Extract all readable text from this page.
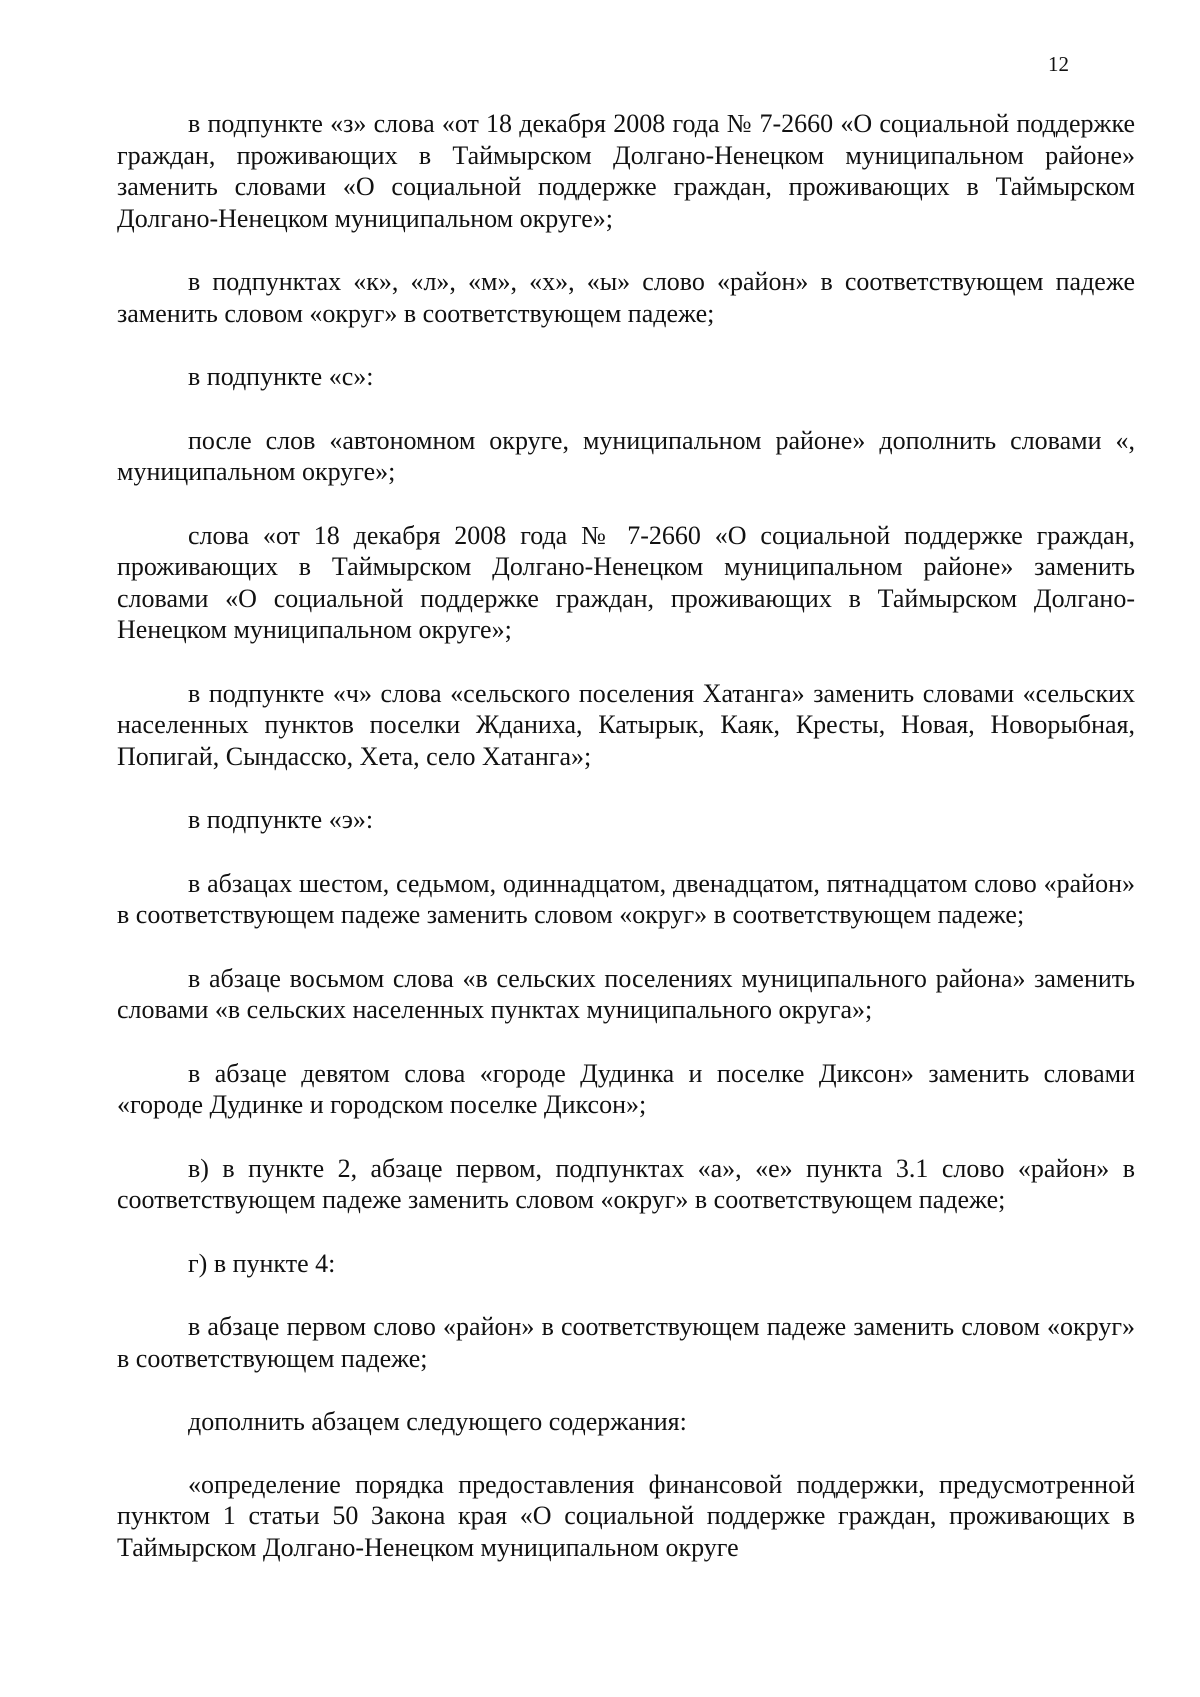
12

в подпункте «з» слова «от 18 декабря 2008 года № 7-2660 «О социальной поддержке граждан, проживающих в Таймырском Долгано-Ненецком муниципальном районе» заменить словами «О социальной поддержке граждан, проживающих в Таймырском Долгано-Ненецком муниципальном округе»;

в подпунктах «к», «л», «м», «х», «ы» слово «район» в соответствующем падеже заменить словом «округ» в соответствующем падеже;

в подпункте «с»:

после слов «автономном округе, муниципальном районе» дополнить словами «, муниципальном округе»;

слова «от 18 декабря 2008 года № 7-2660 «О социальной поддержке граждан, проживающих в Таймырском Долгано-Ненецком муниципальном районе» заменить словами «О социальной поддержке граждан, проживающих в Таймырском Долгано-Ненецком муниципальном округе»;

в подпункте «ч» слова «сельского поселения Хатанга» заменить словами «сельских населенных пунктов поселки Жданиха, Катырык, Каяк, Кресты, Новая, Новорыбная, Попигай, Сындасско, Хета, село Хатанга»;

в подпункте «э»:

в абзацах шестом, седьмом, одиннадцатом, двенадцатом, пятнадцатом слово «район» в соответствующем падеже заменить словом «округ» в соответствующем падеже;

в абзаце восьмом слова «в сельских поселениях муниципального района» заменить словами «в сельских населенных пунктах муниципального округа»;

в абзаце девятом слова «городе Дудинка и поселке Диксон» заменить словами «городе Дудинке и городском поселке Диксон»;

в) в пункте 2, абзаце первом, подпунктах «а», «е» пункта 3.1 слово «район» в соответствующем падеже заменить словом «округ» в соответствующем падеже;

г) в пункте 4:

в абзаце первом слово «район» в соответствующем падеже заменить словом «округ» в соответствующем падеже;

дополнить абзацем следующего содержания:

«определение порядка предоставления финансовой поддержки, предусмотренной пунктом 1 статьи 50 Закона края «О социальной поддержке граждан, проживающих в Таймырском Долгано-Ненецком муниципальном округе
